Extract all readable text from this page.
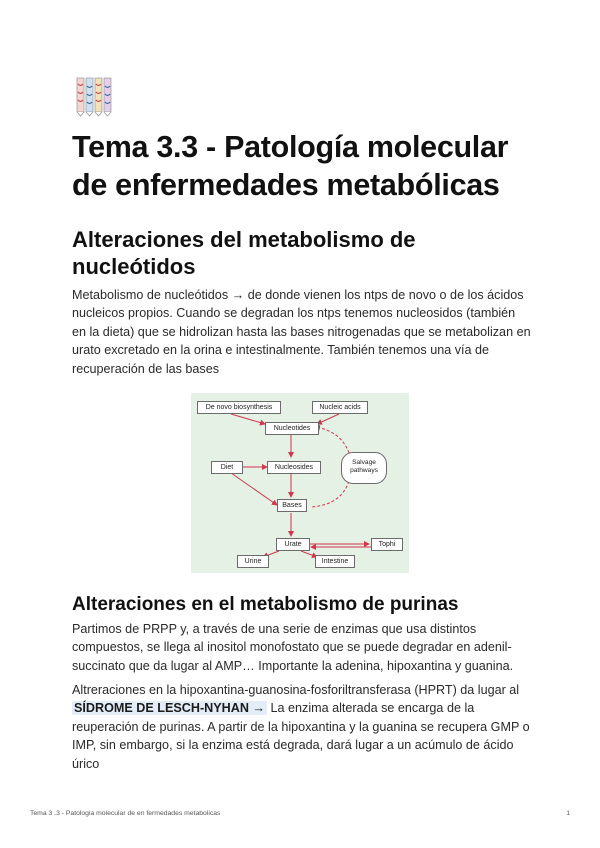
Tema 3.3 - Patología molecular de enfermedades metabólicas
Alteraciones del metabolismo de nucleótidos

Metabolismo de nucleótidos → de donde vienen los ntps de novo o de los ácidos nucleicos propios. Cuando se degradan los ntps tenemos nucleosidos (también en la dieta) que se hidrolizan hasta las bases nitrogenadas que se metabolizan en urato excretado en la orina e intestinalmente. También tenemos una vía de recuperación de las bases

De novo biosynthesis	Nucleic acids
Nucleotides
Diet	Nucleosides
Salvage pathways
Bases
Urate	Tophi
Urine	Intestine
Alteraciones en el metabolismo de purinas

Partimos de PRPP y, a través de una serie de enzimas que usa distintos compuestos, se llega al inositol monofostato que se puede degradar en adenil-succinato que da lugar al AMP… Importante la adenina, hipoxantina y guanina.

Altreraciones en la hipoxantina-guanosina-fosforiltransferasa (HPRT) da lugar al SÍDROME DE LESCH-NYHAN → La enzima alterada se encarga de la reuperación de purinas. A partir de la hipoxantina y la guanina se recupera GMP o IMP, sin embargo, si la enzima está degrada, dará lugar a un acúmulo de ácido úrico

Tema 3 .3 - Patologia molecular de en fermedades metabolicas	1
